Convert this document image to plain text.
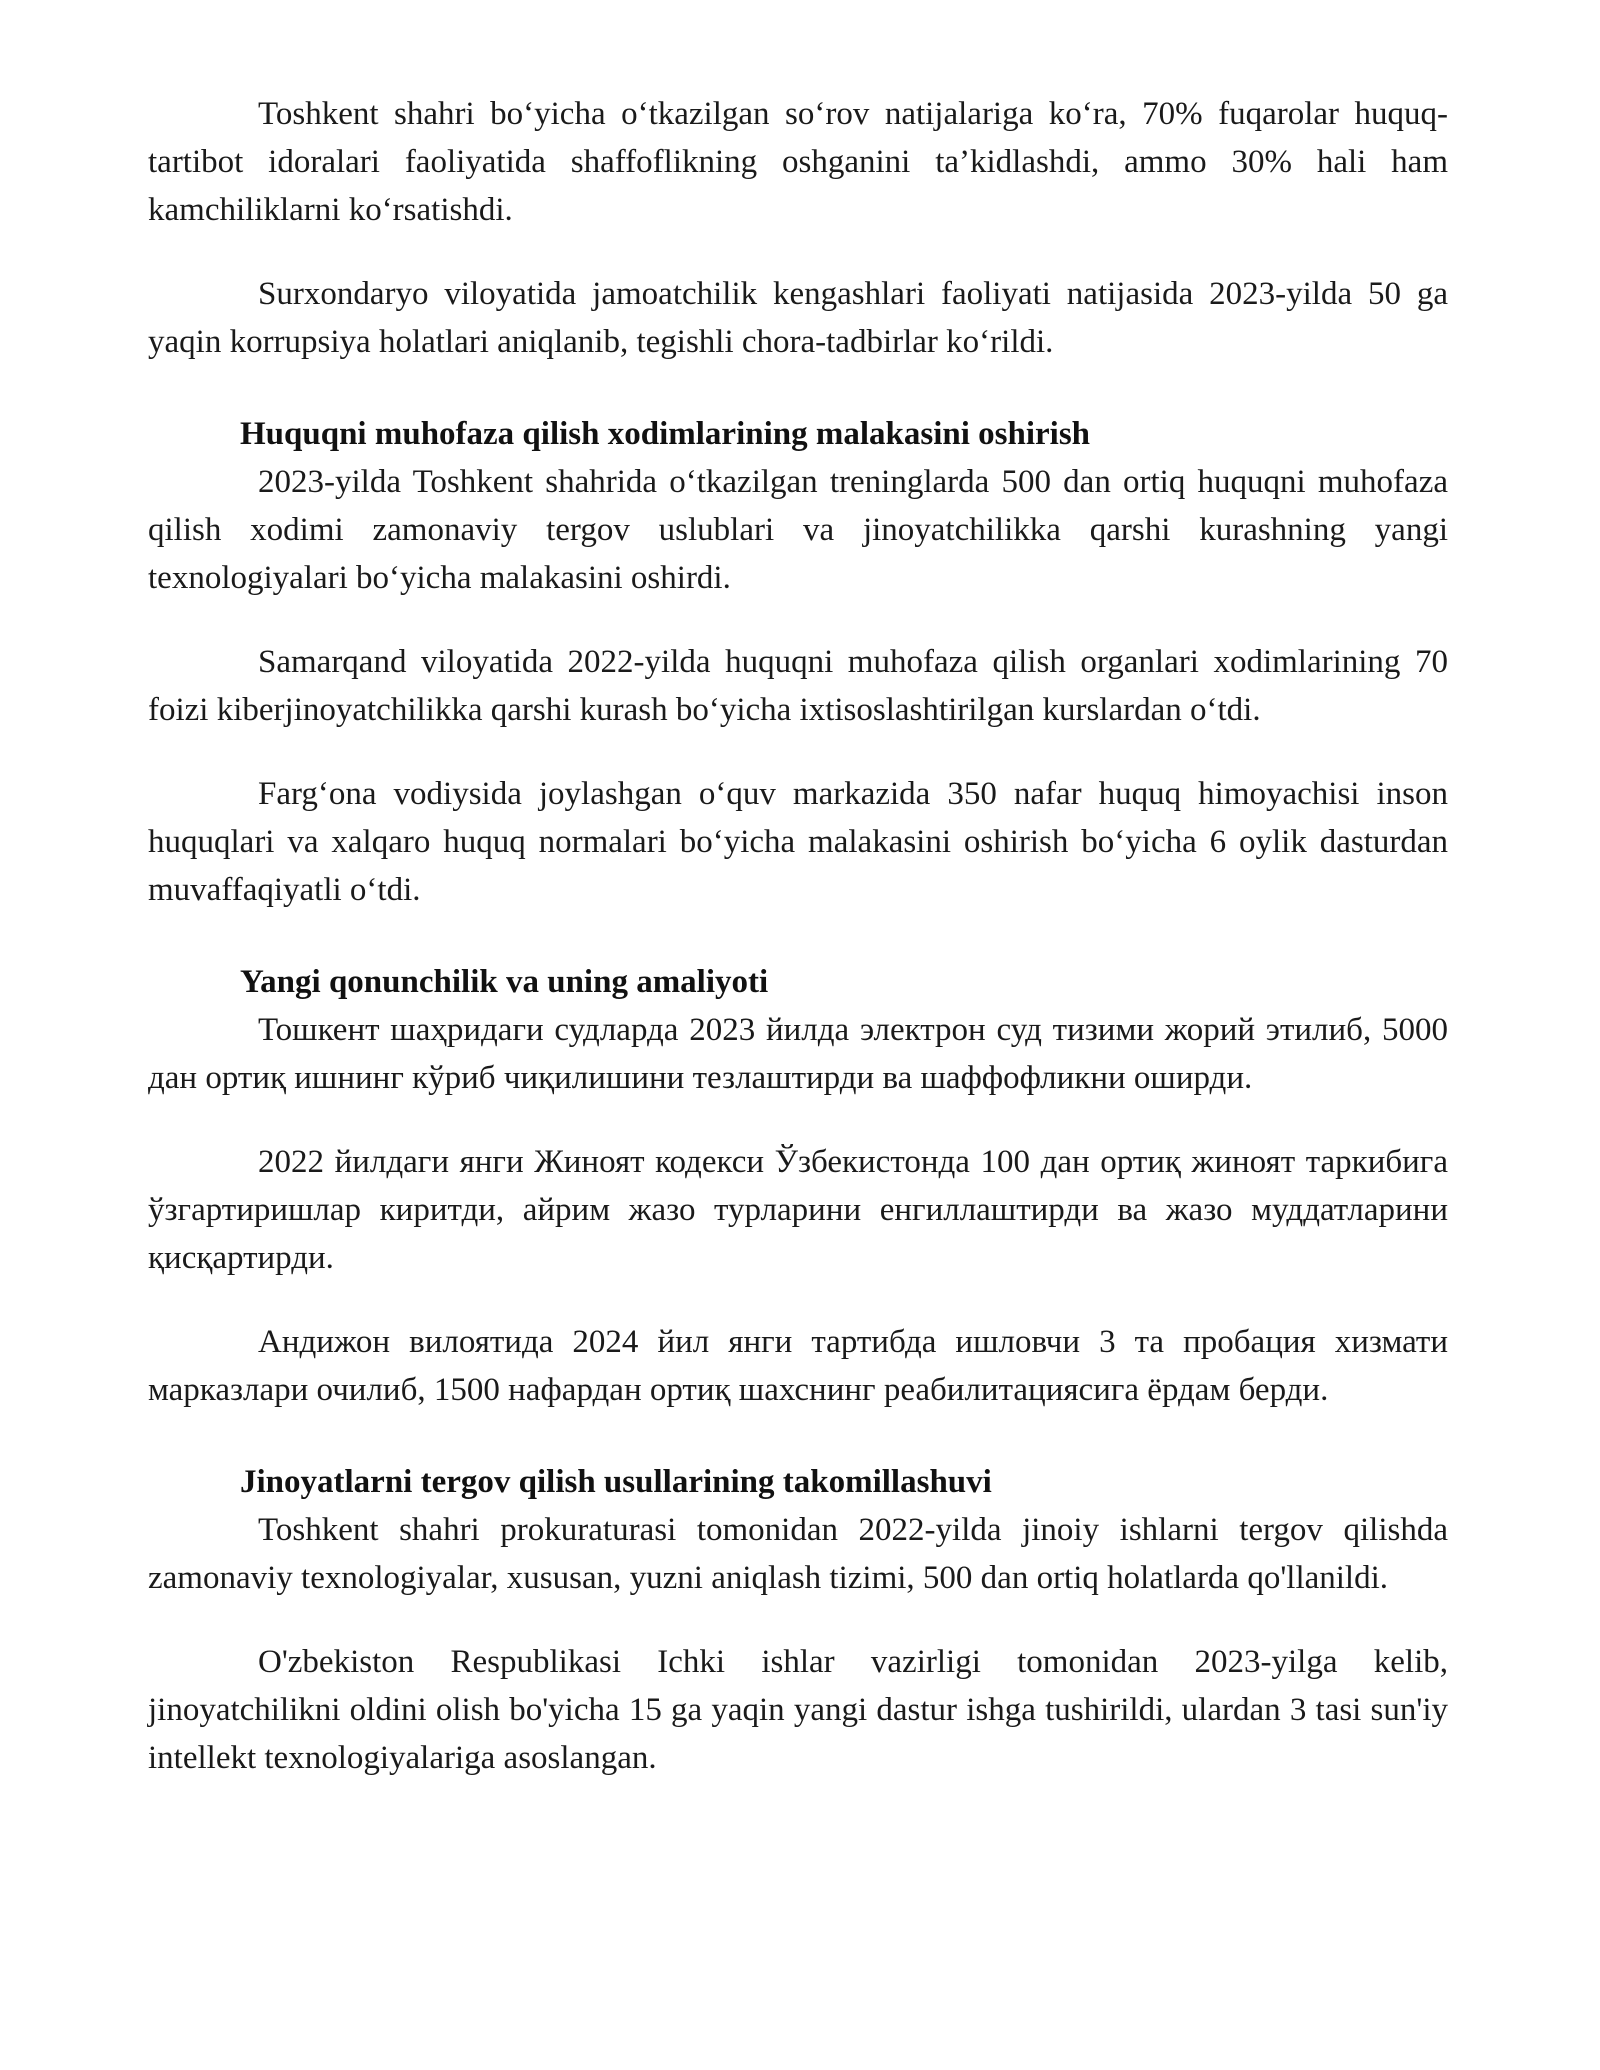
Toshkent shahri bo‘yicha o‘tkazilgan so‘rov natijalariga ko‘ra, 70% fuqarolar huquq-tartibot idoralari faoliyatida shaffoflikning oshganini ta’kidlashdi, ammo 30% hali ham kamchiliklarni ko‘rsatishdi.

Surxondaryo viloyatida jamoatchilik kengashlari faoliyati natijasida 2023-yilda 50 ga yaqin korrupsiya holatlari aniqlanib, tegishli chora-tadbirlar ko‘rildi.

Huquqni muhofaza qilish xodimlarining malakasini oshirish

2023-yilda Toshkent shahrida o‘tkazilgan treninglarda 500 dan ortiq huquqni muhofaza qilish xodimi zamonaviy tergov uslublari va jinoyatchilikka qarshi kurashning yangi texnologiyalari bo‘yicha malakasini oshirdi.

Samarqand viloyatida 2022-yilda huquqni muhofaza qilish organlari xodimlarining 70 foizi kiberjinoyatchilikka qarshi kurash bo‘yicha ixtisoslashtirilgan kurslardan o‘tdi.

Farg‘ona vodiysida joylashgan o‘quv markazida 350 nafar huquq himoyachisi inson huquqlari va xalqaro huquq normalari bo‘yicha malakasini oshirish bo‘yicha 6 oylik dasturdan muvaffaqiyatli o‘tdi.

Yangi qonunchilik va uning amaliyoti

Тошкент шаҳридаги судларда 2023 йилда электрон суд тизими жорий этилиб, 5000 дан ортиқ ишнинг кўриб чиқилишини тезлаштирди ва шаффофликни оширди.

2022 йилдаги янги Жиноят кодекси Ўзбекистонда 100 дан ортиқ жиноят таркибига ўзгартиришлар киритди, айрим жазо турларини енгиллаштирди ва жазо муддатларини қисқартирди.

Андижон вилоятида 2024 йил янги тартибда ишловчи 3 та пробация хизмати марказлари очилиб, 1500 нафардан ортиқ шахснинг реабилитациясига ёрдам берди.

Jinoyatlarni tergov qilish usullarining takomillashuvi

Toshkent shahri prokuraturasi tomonidan 2022-yilda jinoiy ishlarni tergov qilishda zamonaviy texnologiyalar, xususan, yuzni aniqlash tizimi, 500 dan ortiq holatlarda qo'llanildi.

O'zbekiston Respublikasi Ichki ishlar vazirligi tomonidan 2023-yilga kelib, jinoyatchilikni oldini olish bo'yicha 15 ga yaqin yangi dastur ishga tushirildi, ulardan 3 tasi sun'iy intellekt texnologiyalariga asoslangan.
